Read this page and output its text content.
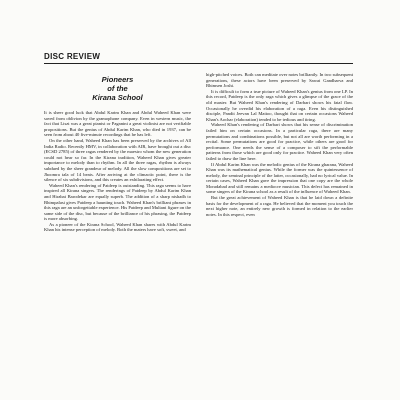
DISC REVIEW
Pioneers
of the
Kirana School

It is sheer good luck that Abdul Karim Khan and Abdul Waheed Khan were saved from oblivion by the gramophone company. Even in western music, the fact that Liszt was a great pianist or Paganini a great violinist are not verifiable propositions. But the genius of Abdul Karim Khan, who died in 1937, can be seen from about 40 five-minute recordings that he has left.

On the other hand, Waheed Khan has been preserved by the archives of All India Radio. Recently HMV, in collaboration with AIR, have brought out a disc (ECSD 2785) of three ragas rendered by the maestro whom the new generation could not hear so far. In the Kirana tradition, Waheed Khan gives greater importance to melody than to rhythm. In all the three ragas, rhythm is always subdued by the sheer grandeur of melody. All the slow compositions are set to Jhoomra tala of 14 beats. After arriving at the climactic point, there is the silence of six subdivisions, and this creates an exhilarating effect.

Waheed Khan's rendering of Patdeep is outstanding. This raga seems to have inspired all Kirana singers. The renderings of Patdeep by Abdul Karim Khan and Hirabai Barodekar are equally superb. The addition of a sharp nishadh to Bhimpalasi gives Patdeep a haunting touch. Waheed Khan's brilliant phrases in this raga are an unforgettable experience. His Patdeep and Multani figure on the same side of the disc, but because of the brilliance of his phrasing, the Patdeep is more absorbing.

As a pioneer of the Kirana School, Waheed Khan shares with Abdul Karim Khan his intense perception of melody. Both the maters have soft, sweet, and

high-pitched voices. Both can meditate over notes brilliantly. In two subsequent generations, these actors have been preserved by Sawai Gandharva and Bhimsen Joshi.

It is difficult to form a true picture of Waheed Khan's genius from one LP. In this record, Patdeep is the only raga which gives a glimpse of the grace of the old master. But Waheed Khan's rendering of Darbari shows his fatal flaw. Occasionally he overdid his elaboration of a raga. Even his distinguished disciple, Pandit Jeevan Lal Mattoo, thought that on certain occasions Waheed Khan's Aochar (elaboration) tended to be tedious and tiring.

Waheed Khan's rendering of Darbari shows that his sense of discrimination failed him on certain occasions. In a particular raga, there are many permutations and combinations possible, but not all are worth performing in a recital. Some permutations are good for practice, while others are good for performance. One needs the sense of a composer to sift the performable patterns from those which are good only for practice. Waheed Khan very often failed to draw the line here.

If Abdul Karim Khan was the melodic genius of the Kirana gharana, Waheed Khan was its mathematical genius. While the former was the quintessence of melody, the seminal principle of the latter, occasionally, had no lyrical value. In certain cases, Waheed Khan gave the impression that one copy are the whole Moradabad and still remains a mediocre musician. This defect has remained in some singers of the Kirana school as a result of the influence of Waheed Khan.

But the great achievement of Waheed Khan is that he laid down a definite basis for the development of a raga. He believed that the moment you touch the next higher note, an entirely new growth is formed in relation to the earlier notes. In this respect, even
